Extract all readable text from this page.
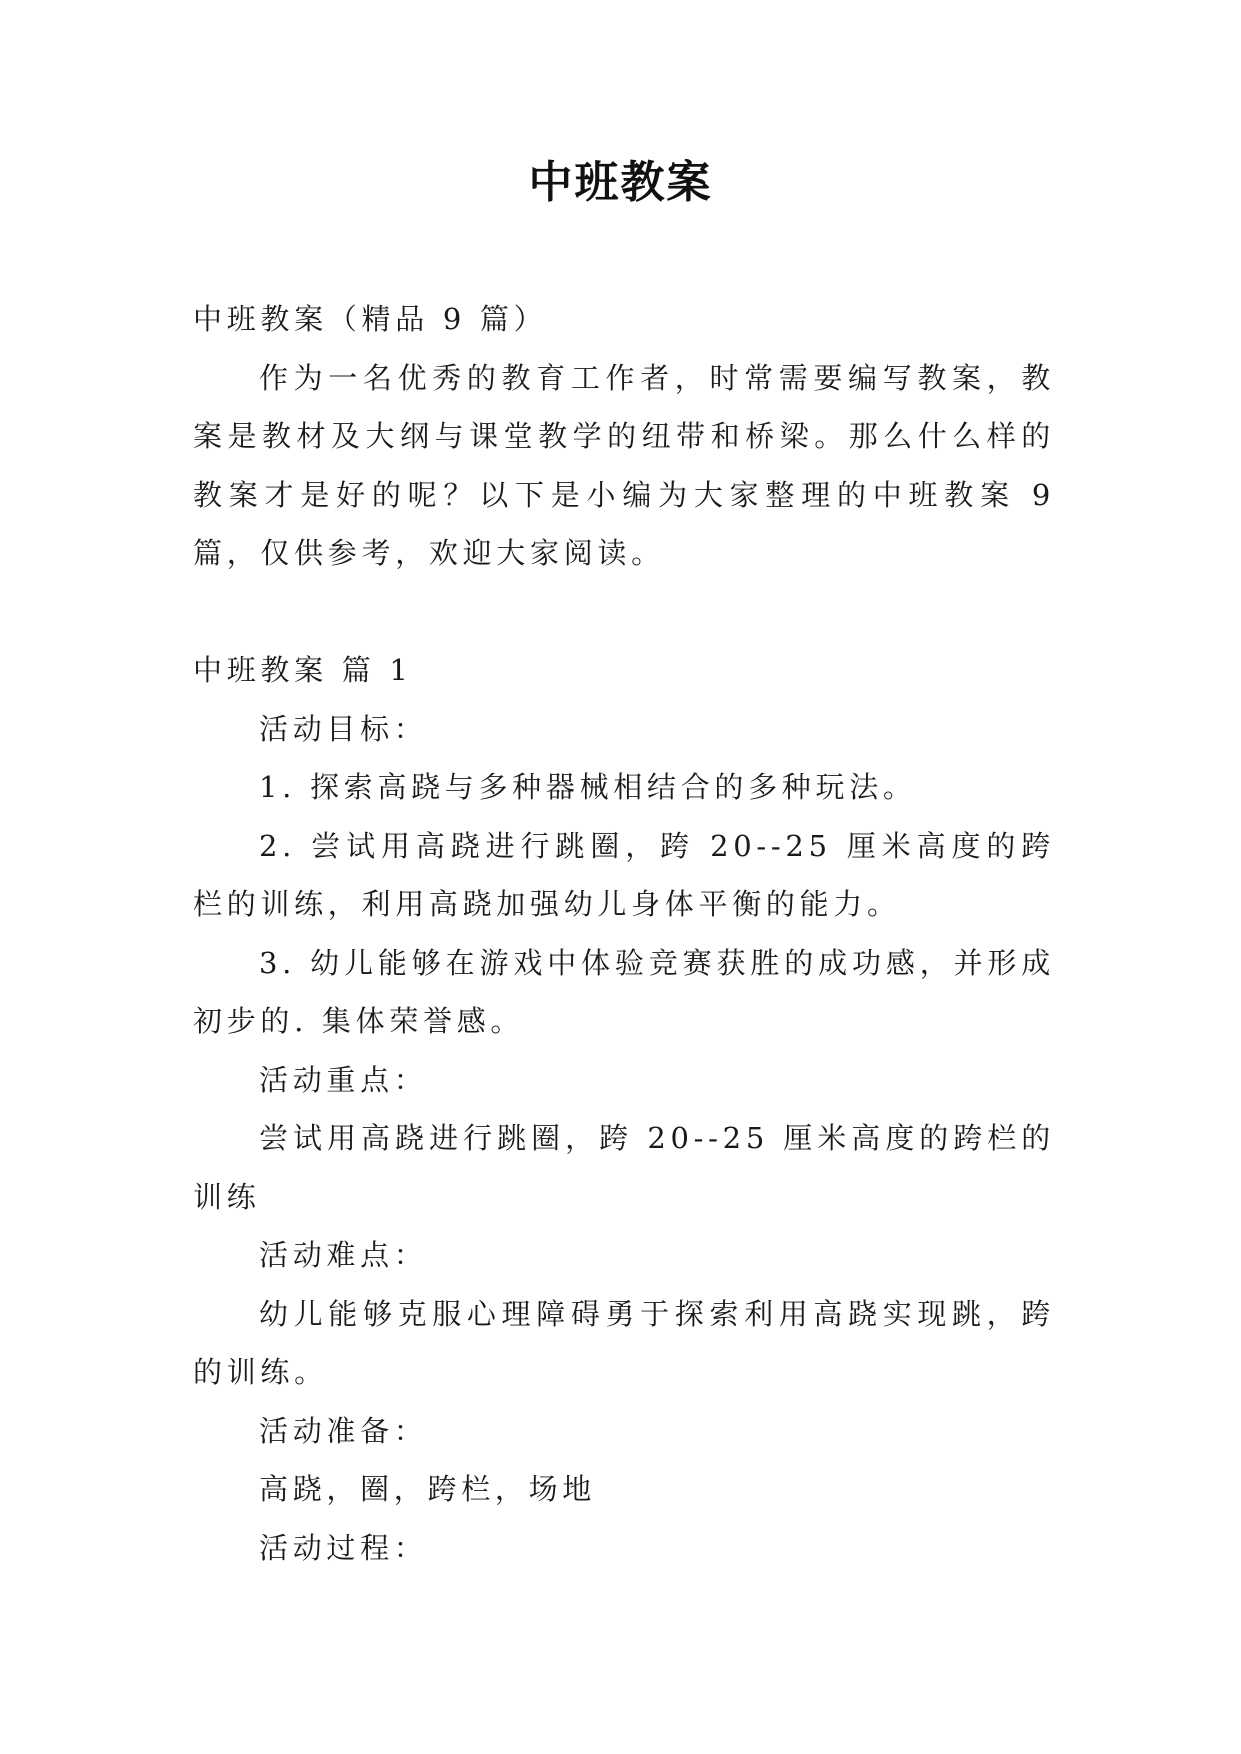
中班教案

中班教案（精品 9 篇）

作为一名优秀的教育工作者，时常需要编写教案，教案是教材及大纲与课堂教学的纽带和桥梁。那么什么样的教案才是好的呢？以下是小编为大家整理的中班教案 9 篇，仅供参考，欢迎大家阅读。

中班教案 篇 1

活动目标：

1. 探索高跷与多种器械相结合的多种玩法。

2. 尝试用高跷进行跳圈，跨 20--25 厘米高度的跨栏的训练，利用高跷加强幼儿身体平衡的能力。

3. 幼儿能够在游戏中体验竞赛获胜的成功感，并形成初步的. 集体荣誉感。

活动重点：

尝试用高跷进行跳圈，跨 20--25 厘米高度的跨栏的训练

活动难点：

幼儿能够克服心理障碍勇于探索利用高跷实现跳，跨的训练。

活动准备：

高跷，圈，跨栏，场地

活动过程：
